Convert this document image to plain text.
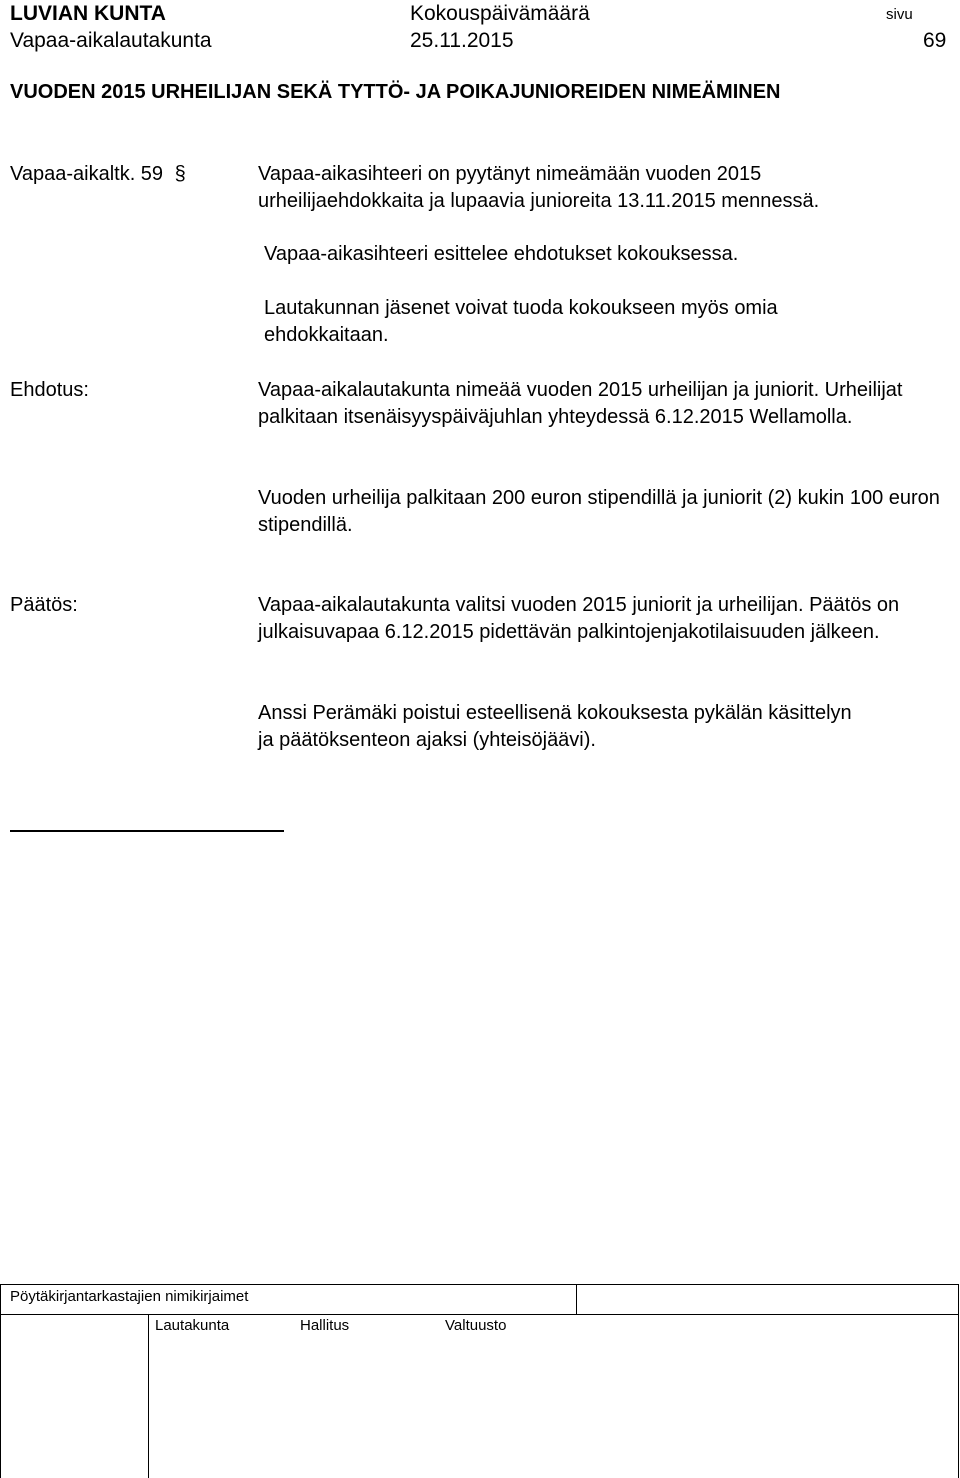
LUVIAN KUNTA	Kokouspäivämäärä	sivu
Vapaa-aikalautakunta	25.11.2015	69
VUODEN 2015 URHEILIJAN SEKÄ TYTTÖ- JA POIKAJUNIOREIDEN NIMEÄMINEN
Vapaa-aikaltk. 59 §	Vapaa-aikasihteeri on pyytänyt nimeämään vuoden 2015 urheilijaehdokkaita ja lupaavia junioreita 13.11.2015 mennessä.
Vapaa-aikasihteeri esittelee ehdotukset kokouksessa.
Lautakunnan jäsenet voivat tuoda kokoukseen myös omia ehdokkaitaan.
Ehdotus:	Vapaa-aikalautakunta nimeää vuoden 2015 urheilijan ja juniorit. Urheilijat palkitaan itsenäisyyspäiväjuhlan yhteydessä 6.12.2015 Wellamolla.
Vuoden urheilija palkitaan 200 euron stipendillä ja juniorit (2) kukin 100 euron stipendillä.
Päätös:	Vapaa-aikalautakunta valitsi vuoden 2015 juniorit ja urheilijan. Päätös on julkaisuvapaa 6.12.2015 pidettävän palkintojenjakotilaisuuden jälkeen.
Anssi Perämäki poistui esteellisenä kokouksesta pykälän käsittelyn ja päätöksenteon ajaksi (yhteisöjäävi).
Pöytäkirjantarkastajien nimikirjaimet
Lautakunta	Hallitus	Valtuusto
